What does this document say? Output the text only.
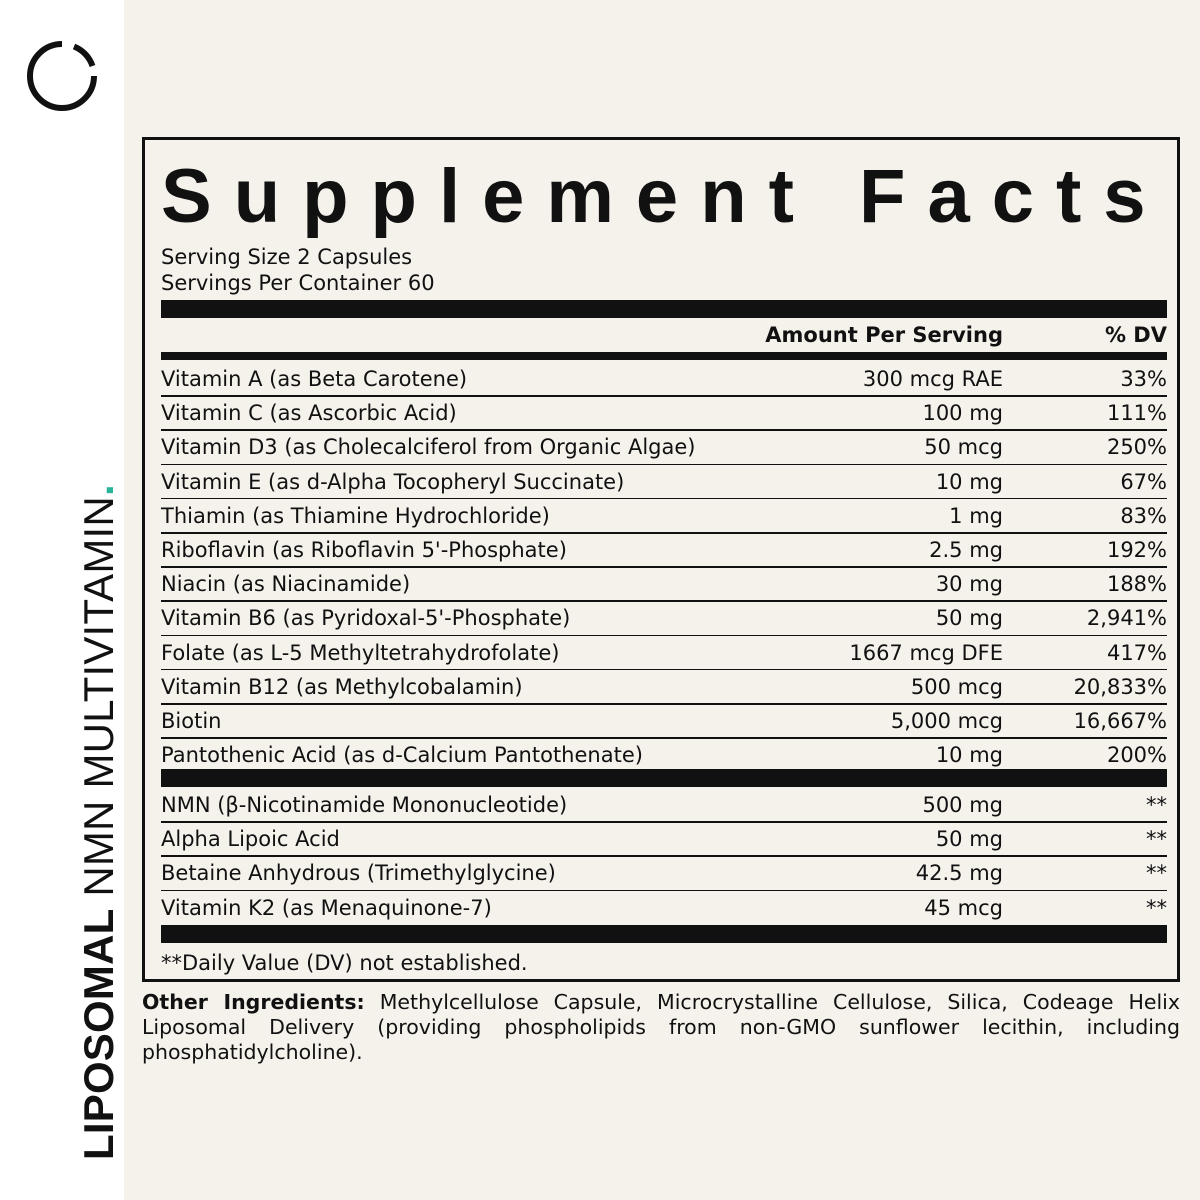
LIPOSOMAL NMN MULTIVITAMIN.
Supplement Facts
Serving Size 2 Capsules
Servings Per Container 60
Amount Per Serving	% DV
Vitamin A (as Beta Carotene)	300 mcg RAE	33%
Vitamin C (as Ascorbic Acid)	100 mg	111%
Vitamin D3 (as Cholecalciferol from Organic Algae)	50 mcg	250%
Vitamin E (as d-Alpha Tocopheryl Succinate)	10 mg	67%
Thiamin (as Thiamine Hydrochloride)	1 mg	83%
Riboflavin (as Riboflavin 5'-Phosphate)	2.5 mg	192%
Niacin (as Niacinamide)	30 mg	188%
Vitamin B6 (as Pyridoxal-5'-Phosphate)	50 mg	2,941%
Folate (as L-5 Methyltetrahydrofolate)	1667 mcg DFE	417%
Vitamin B12 (as Methylcobalamin)	500 mcg	20,833%
Biotin	5,000 mcg	16,667%
Pantothenic Acid (as d-Calcium Pantothenate)	10 mg	200%
NMN (β-Nicotinamide Mononucleotide)	500 mg	**
Alpha Lipoic Acid	50 mg	**
Betaine Anhydrous (Trimethylglycine)	42.5 mg	**
Vitamin K2 (as Menaquinone-7)	45 mcg	**
**Daily Value (DV) not established.
Other Ingredients: Methylcellulose Capsule, Microcrystalline Cellulose, Silica, Codeage Helix Liposomal Delivery (providing phospholipids from non-GMO sunflower lecithin, including phosphatidylcholine).
